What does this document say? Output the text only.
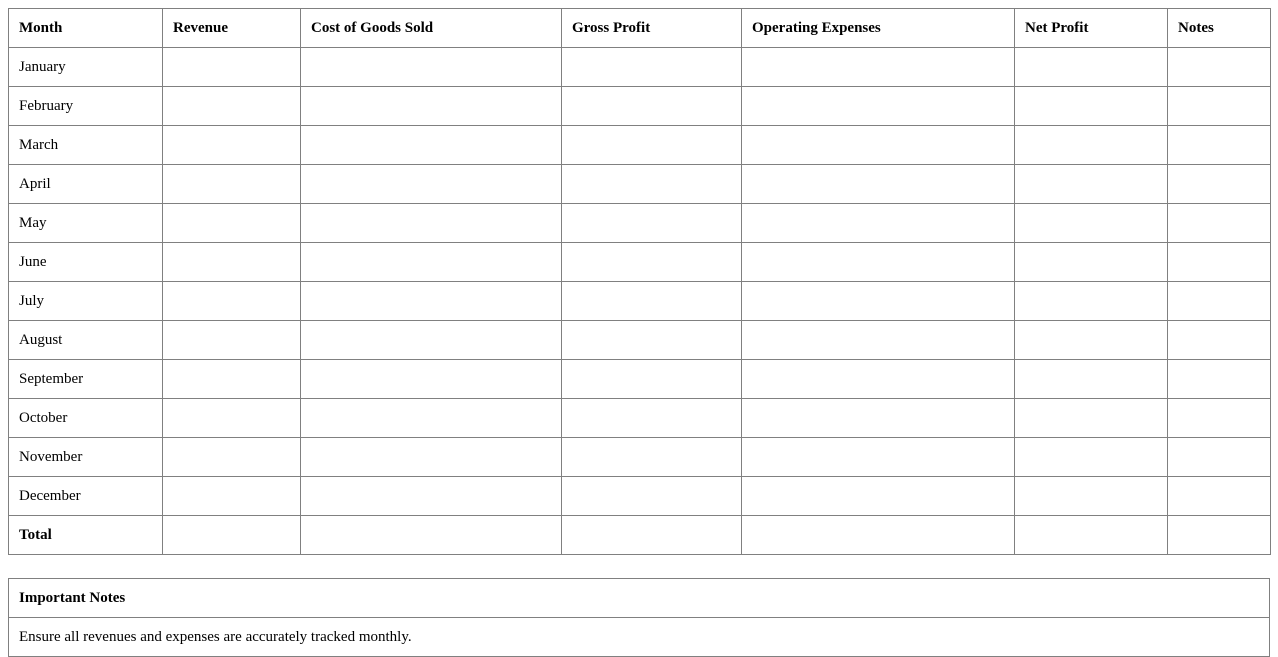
Month	Revenue	Cost of Goods Sold	Gross Profit	Operating Expenses	Net Profit	Notes
January						
February						
March						
April						
May						
June						
July						
August						
September						
October						
November						
December						
Total						
Important Notes
Ensure all revenues and expenses are accurately tracked monthly.
